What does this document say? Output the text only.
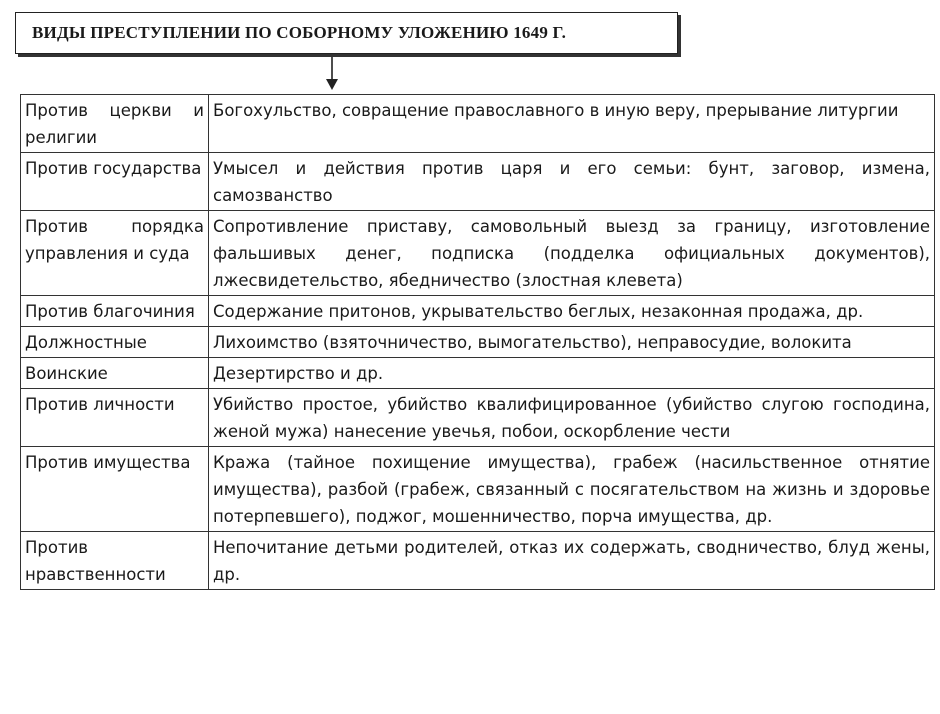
ВИДЫ ПРЕСТУПЛЕНИИ ПО СОБОРНОМУ УЛОЖЕНИЮ 1649 Г.
Против церкви и религии	Богохульство, совращение православного в иную веру, прерывание литургии
Против государства	Умысел и действия против царя и его семьи: бунт, заговор, измена, самозванство
Против порядка управления и суда	Сопротивление приставу, самовольный выезд за границу, изготовление фальшивых денег, подписка (подделка официальных документов), лжесвидетельство, ябедничество (злостная клевета)
Против благочиния	Содержание притонов, укрывательство беглых, незаконная продажа, др.
Должностные	Лихоимство (взяточничество, вымогательство), неправосудие, волокита
Воинские	Дезертирство и др.
Против личности	Убийство простое, убийство квалифицированное (убийство слугою господина, женой мужа) нанесение увечья, побои, оскорбление чести
Против имущества	Кража (тайное похищение имущества), грабеж (насильственное отнятие имущества), разбой (грабеж, связанный с посягательством на жизнь и здоровье потерпевшего), поджог, мошенничество, порча имущества, др.
Против нравственности	Непочитание детьми родителей, отказ их содержать, сводничество, блуд жены, др.
